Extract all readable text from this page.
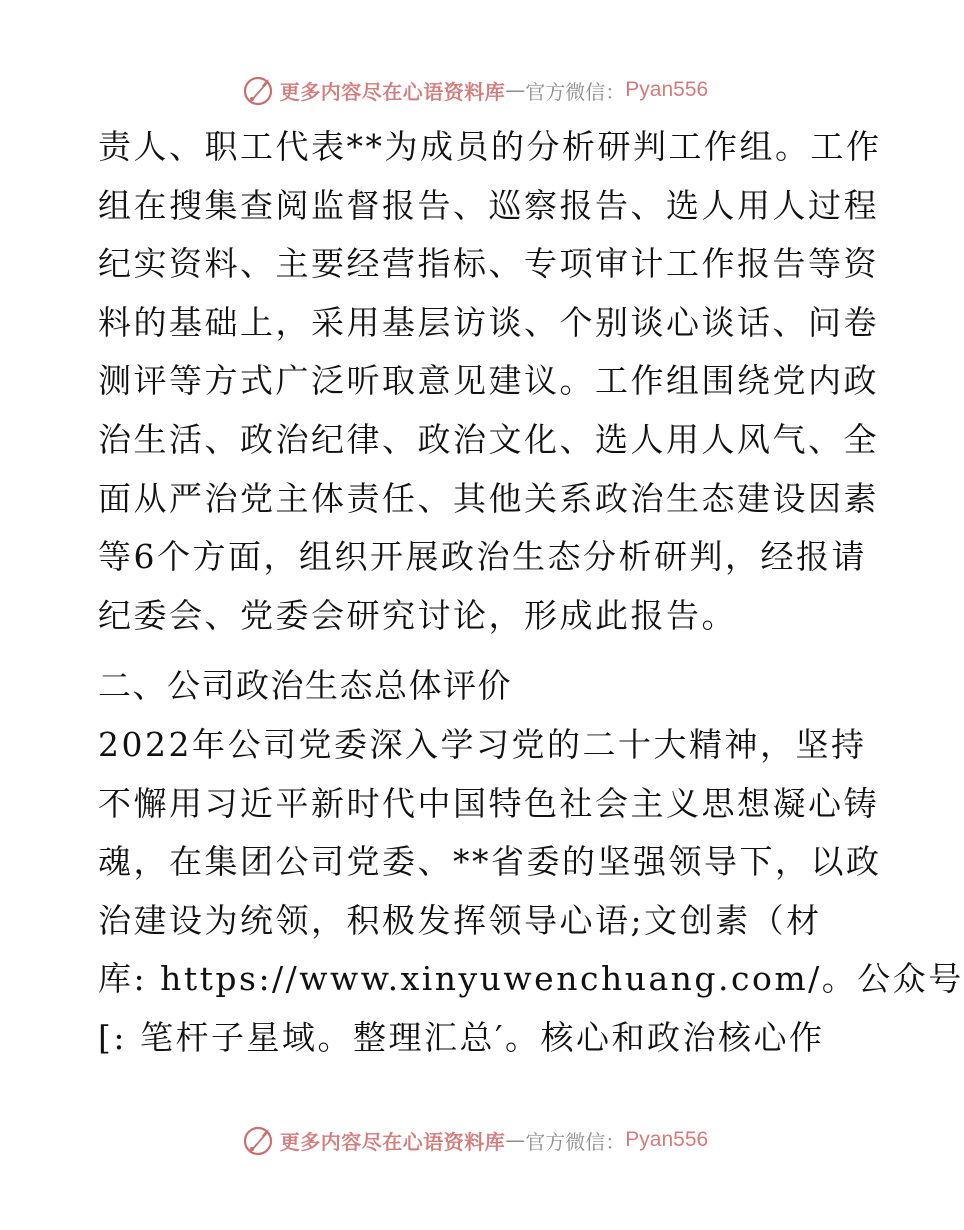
更多内容尽在心语资料库 — 官方微信： Pyan556
责人、职工代表**为成员的分析研判工作组。工作
组在搜集查阅监督报告、巡察报告、选人用人过程
纪实资料、主要经营指标、专项审计工作报告等资
料的基础上，采用基层访谈、个别谈心谈话、问卷
测评等方式广泛听取意见建议。工作组围绕党内政
治生活、政治纪律、政治文化、选人用人风气、全
面从严治党主体责任、其他关系政治生态建设因素
等6个方面，组织开展政治生态分析研判，经报请
纪委会、党委会研究讨论，形成此报告。
二、公司政治生态总体评价
2022年公司党委深入学习党的二十大精神，坚持
不懈用习近平新时代中国特色社会主义思想凝心铸
魂，在集团公司党委、**省委的坚强领导下，以政
治建设为统领，积极发挥领导心语;文创素（材
库: https://www.xinyuwenchuang.com/。公众号
[: 笔杆子星域。整理汇总′。核心和政治核心作
更多内容尽在心语资料库 — 官方微信： Pyan556
